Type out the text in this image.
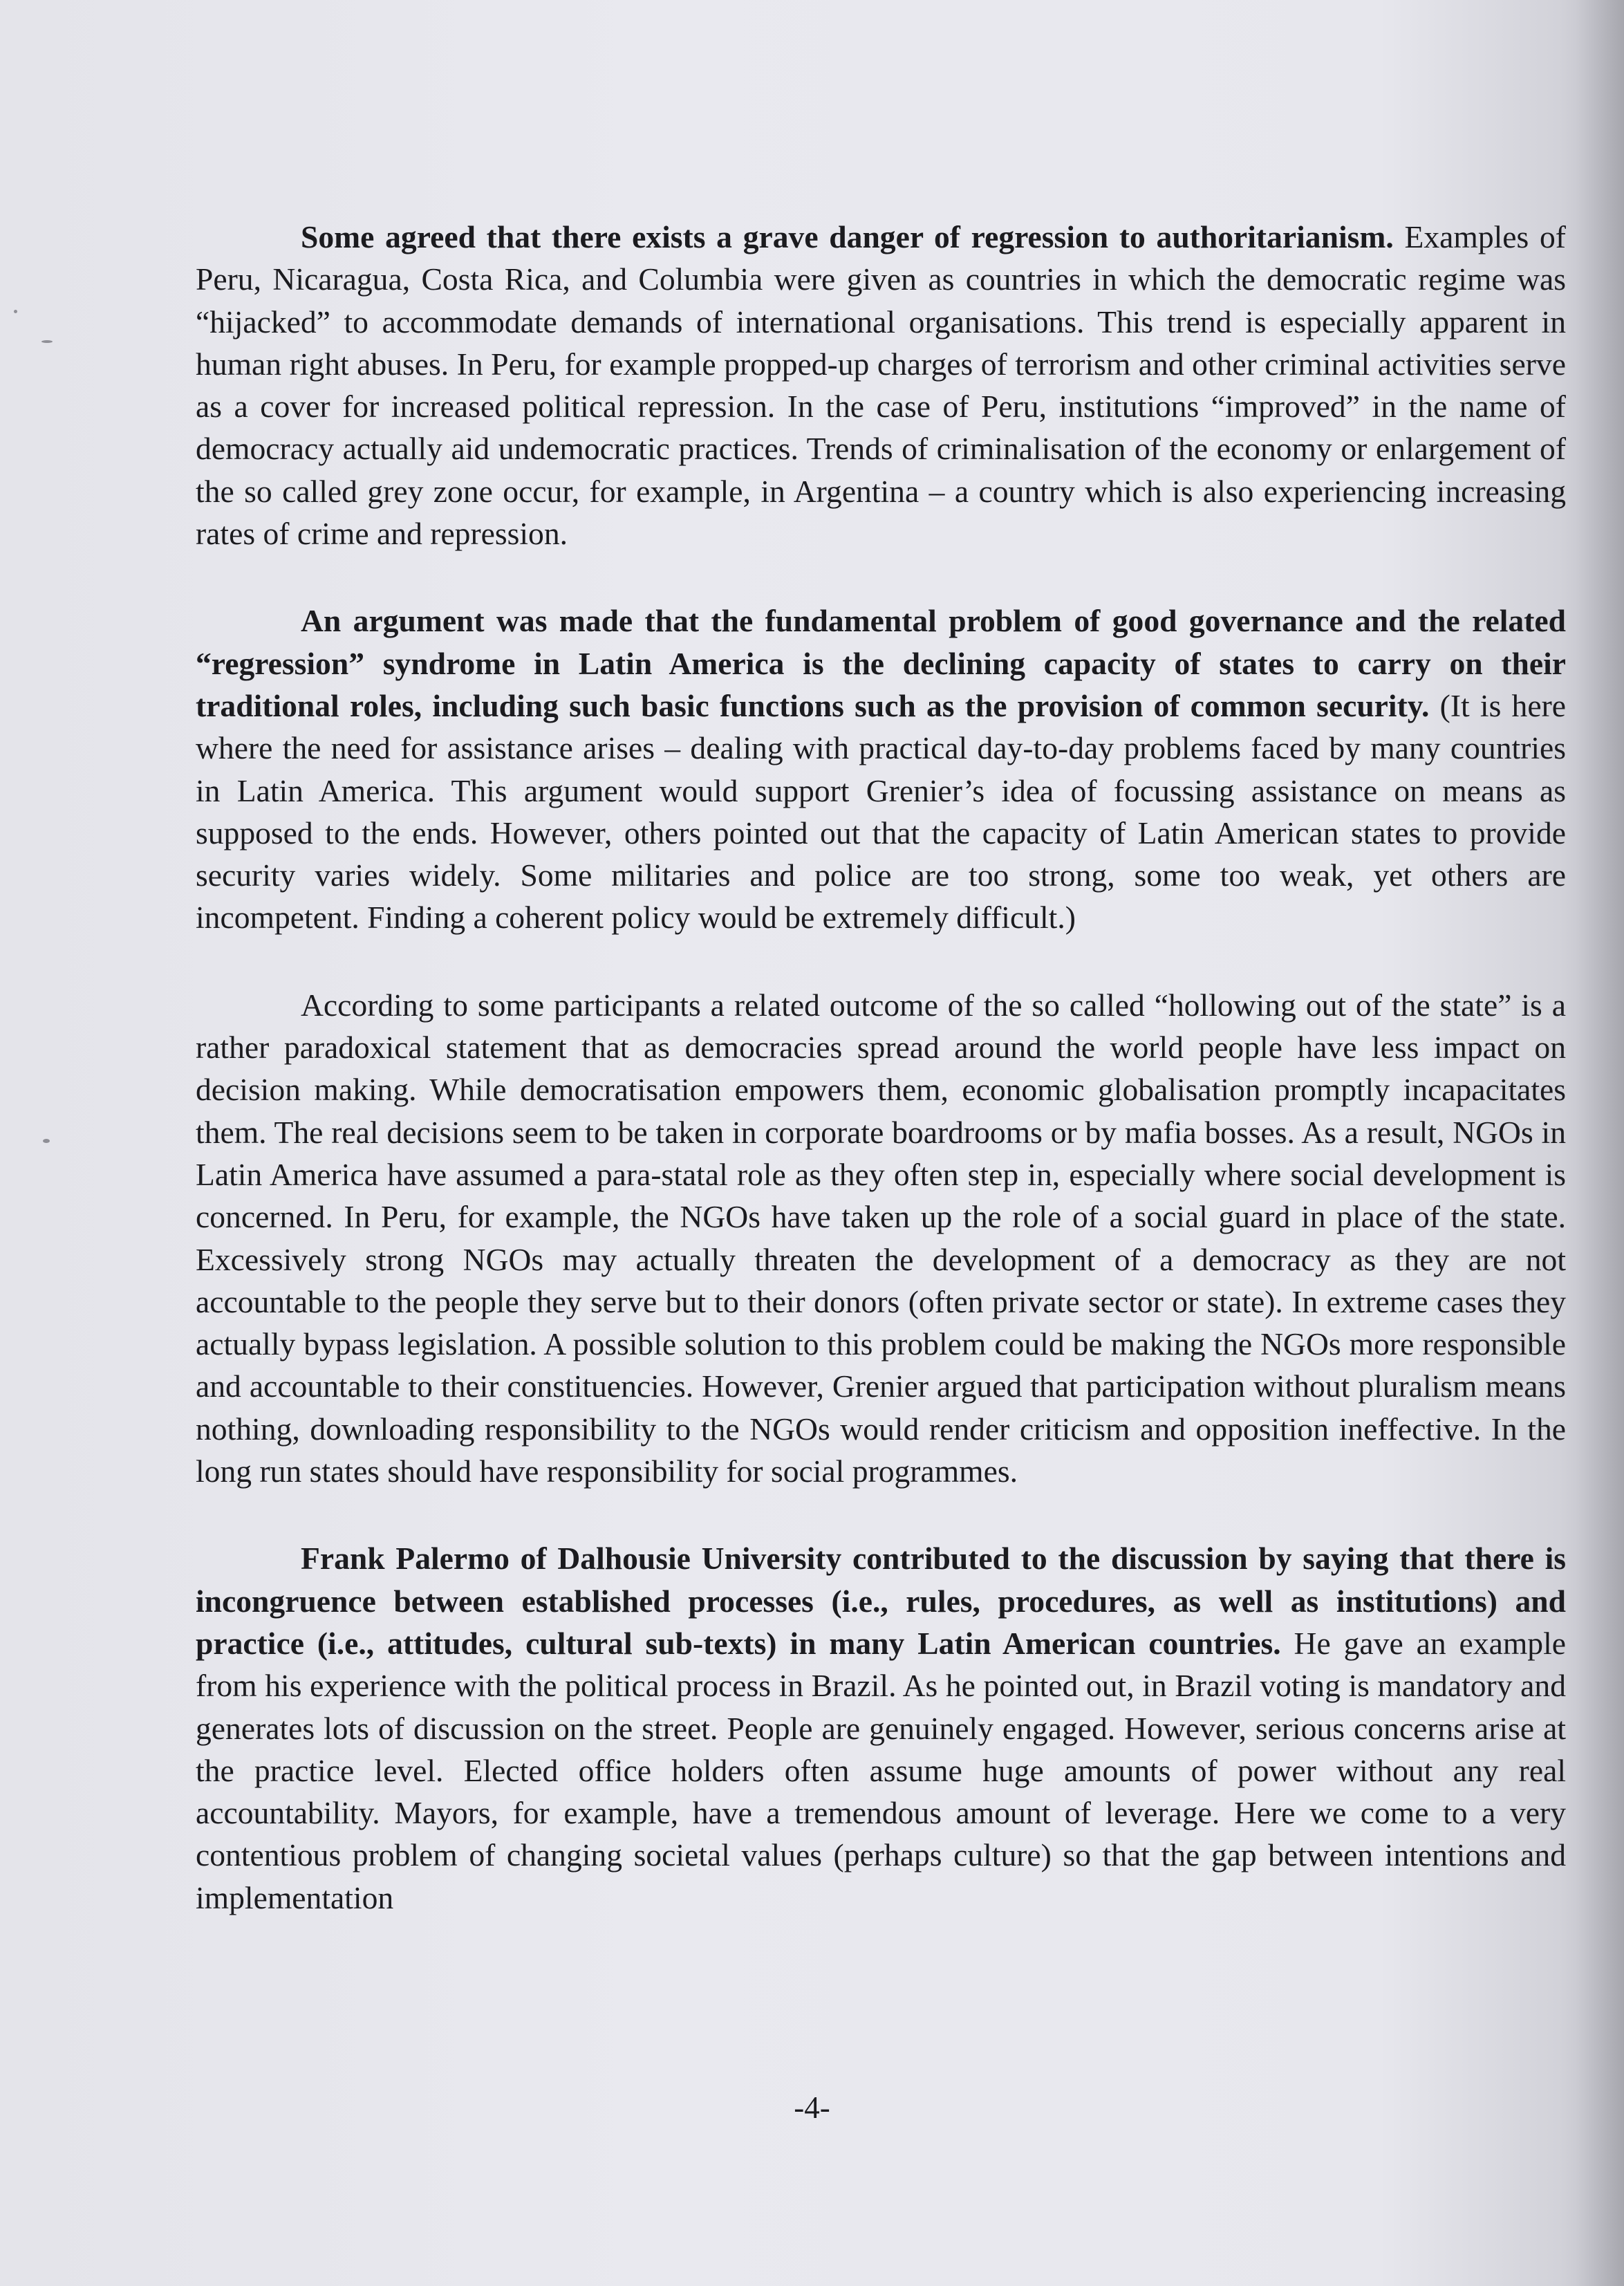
Some agreed that there exists a grave danger of regression to authoritarianism. Examples of Peru, Nicaragua, Costa Rica, and Columbia were given as countries in which the democratic regime was “hijacked” to accommodate demands of international organisations. This trend is especially apparent in human right abuses. In Peru, for example propped-up charges of terrorism and other criminal activities serve as a cover for increased political repression. In the case of Peru, institutions “improved” in the name of democracy actually aid undemocratic practices. Trends of criminalisation of the economy or enlargement of the so called grey zone occur, for example, in Argentina – a country which is also experiencing increasing rates of crime and repression.

An argument was made that the fundamental problem of good governance and the related “regression” syndrome in Latin America is the declining capacity of states to carry on their traditional roles, including such basic functions such as the provision of common security. (It is here where the need for assistance arises – dealing with practical day-to-day problems faced by many countries in Latin America. This argument would support Grenier’s idea of focussing assistance on means as supposed to the ends. However, others pointed out that the capacity of Latin American states to provide security varies widely. Some militaries and police are too strong, some too weak, yet others are incompetent. Finding a coherent policy would be extremely difficult.)

According to some participants a related outcome of the so called “hollowing out of the state” is a rather paradoxical statement that as democracies spread around the world people have less impact on decision making. While democratisation empowers them, economic globalisation promptly incapacitates them. The real decisions seem to be taken in corporate boardrooms or by mafia bosses. As a result, NGOs in Latin America have assumed a para-statal role as they often step in, especially where social development is concerned. In Peru, for example, the NGOs have taken up the role of a social guard in place of the state. Excessively strong NGOs may actually threaten the development of a democracy as they are not accountable to the people they serve but to their donors (often private sector or state). In extreme cases they actually bypass legislation. A possible solution to this problem could be making the NGOs more responsible and accountable to their constituencies. However, Grenier argued that participation without pluralism means nothing, downloading responsibility to the NGOs would render criticism and opposition ineffective. In the long run states should have responsibility for social programmes.

Frank Palermo of Dalhousie University contributed to the discussion by saying that there is incongruence between established processes (i.e., rules, procedures, as well as institutions) and practice (i.e., attitudes, cultural sub-texts) in many Latin American countries. He gave an example from his experience with the political process in Brazil. As he pointed out, in Brazil voting is mandatory and generates lots of discussion on the street. People are genuinely engaged. However, serious concerns arise at the practice level. Elected office holders often assume huge amounts of power without any real accountability. Mayors, for example, have a tremendous amount of leverage. Here we come to a very contentious problem of changing societal values (perhaps culture) so that the gap between intentions and implementation

-4-
